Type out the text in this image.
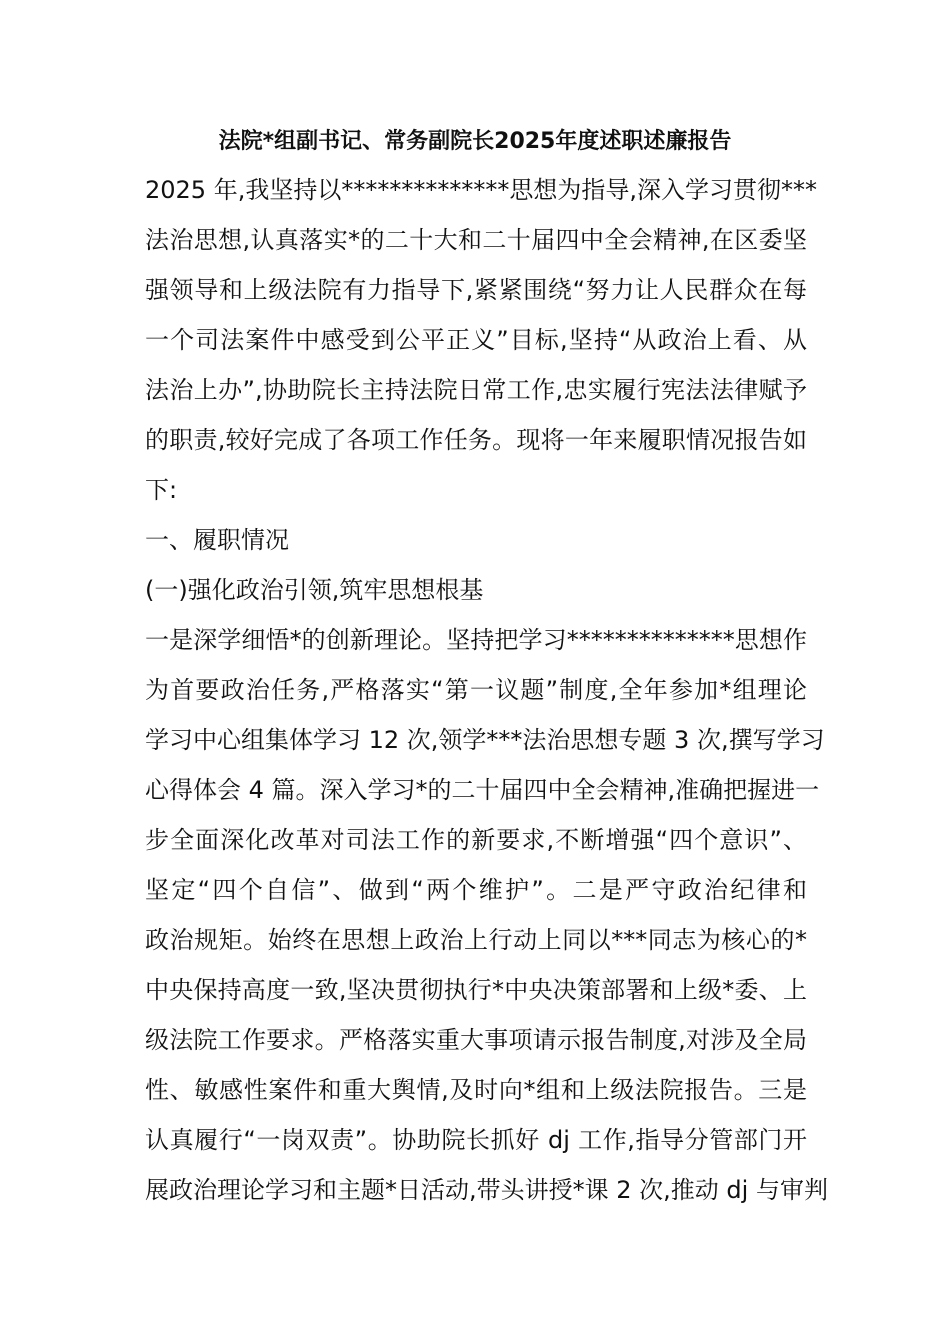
法院*组副书记、常务副院长2025年度述职述廉报告
2025 年,我坚持以**************思想为指导,深入学习贯彻***
法治思想,认真落实*的二十大和二十届四中全会精神,在区委坚
强领导和上级法院有力指导下,紧紧围绕“努力让人民群众在每
一个司法案件中感受到公平正义”目标,坚持“从政治上看、从
法治上办”,协助院长主持法院日常工作,忠实履行宪法法律赋予
的职责,较好完成了各项工作任务。现将一年来履职情况报告如
下:
一、履职情况
(一)强化政治引领,筑牢思想根基
一是深学细悟*的创新理论。坚持把学习**************思想作
为首要政治任务,严格落实“第一议题”制度,全年参加*组理论
学习中心组集体学习 12 次,领学***法治思想专题 3 次,撰写学习
心得体会 4 篇。深入学习*的二十届四中全会精神,准确把握进一
步全面深化改革对司法工作的新要求,不断增强“四个意识”、
坚定“四个自信”、做到“两个维护”。二是严守政治纪律和
政治规矩。始终在思想上政治上行动上同以***同志为核心的*
中央保持高度一致,坚决贯彻执行*中央决策部署和上级*委、上
级法院工作要求。严格落实重大事项请示报告制度,对涉及全局
性、敏感性案件和重大舆情,及时向*组和上级法院报告。三是
认真履行“一岗双责”。协助院长抓好 dj 工作,指导分管部门开
展政治理论学习和主题*日活动,带头讲授*课 2 次,推动 dj 与审判
